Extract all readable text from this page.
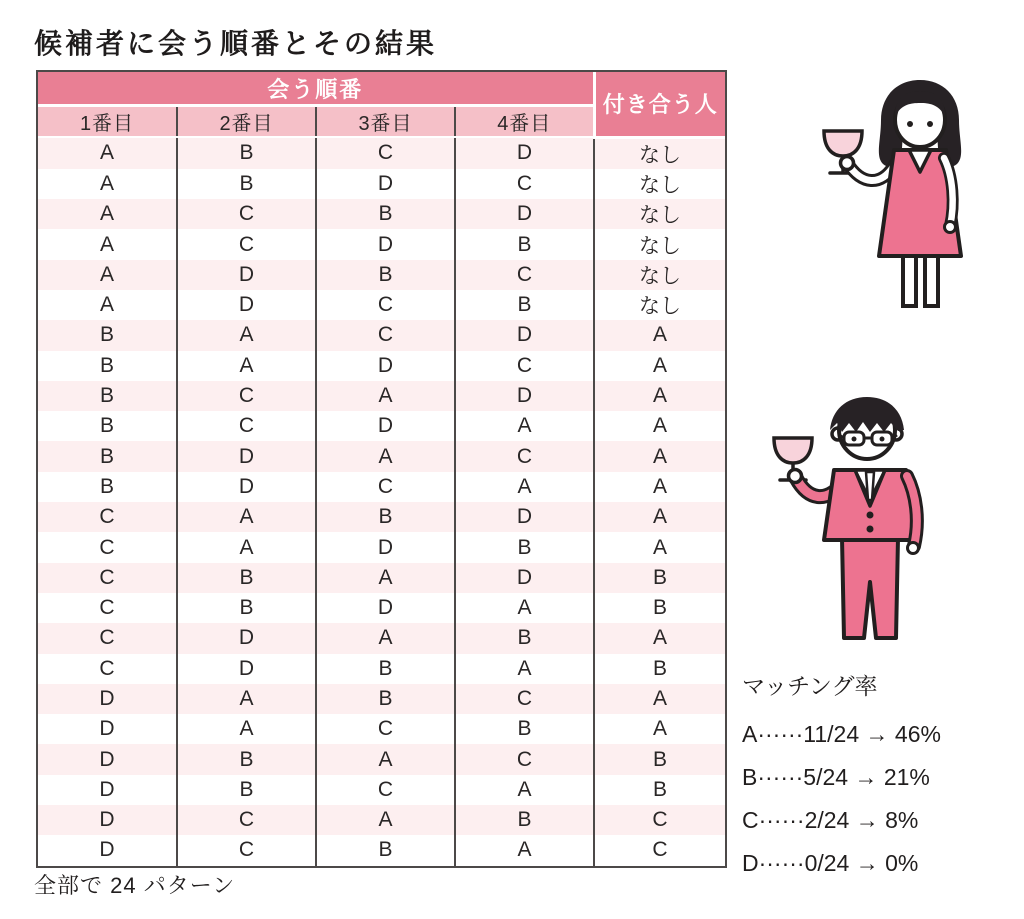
候補者に会う順番とその結果
会う順番				付き合う人
1番目	2番目	3番目	4番目	
A	B	C	D	なし
A	B	D	C	なし
A	C	B	D	なし
A	C	D	B	なし
A	D	B	C	なし
A	D	C	B	なし
B	A	C	D	A
B	A	D	C	A
B	C	A	D	A
B	C	D	A	A
B	D	A	C	A
B	D	C	A	A
C	A	B	D	A
C	A	D	B	A
C	B	A	D	B
C	B	D	A	B
C	D	A	B	A
C	D	B	A	B
D	A	B	C	A
D	A	C	B	A
D	B	A	C	B
D	B	C	A	B
D	C	A	B	C
D	C	B	A	C
マッチング率
A······11/24 → 46%
B······5/24 → 21%
C······2/24 → 8%
D······0/24 → 0%
全部で 24 パターン
